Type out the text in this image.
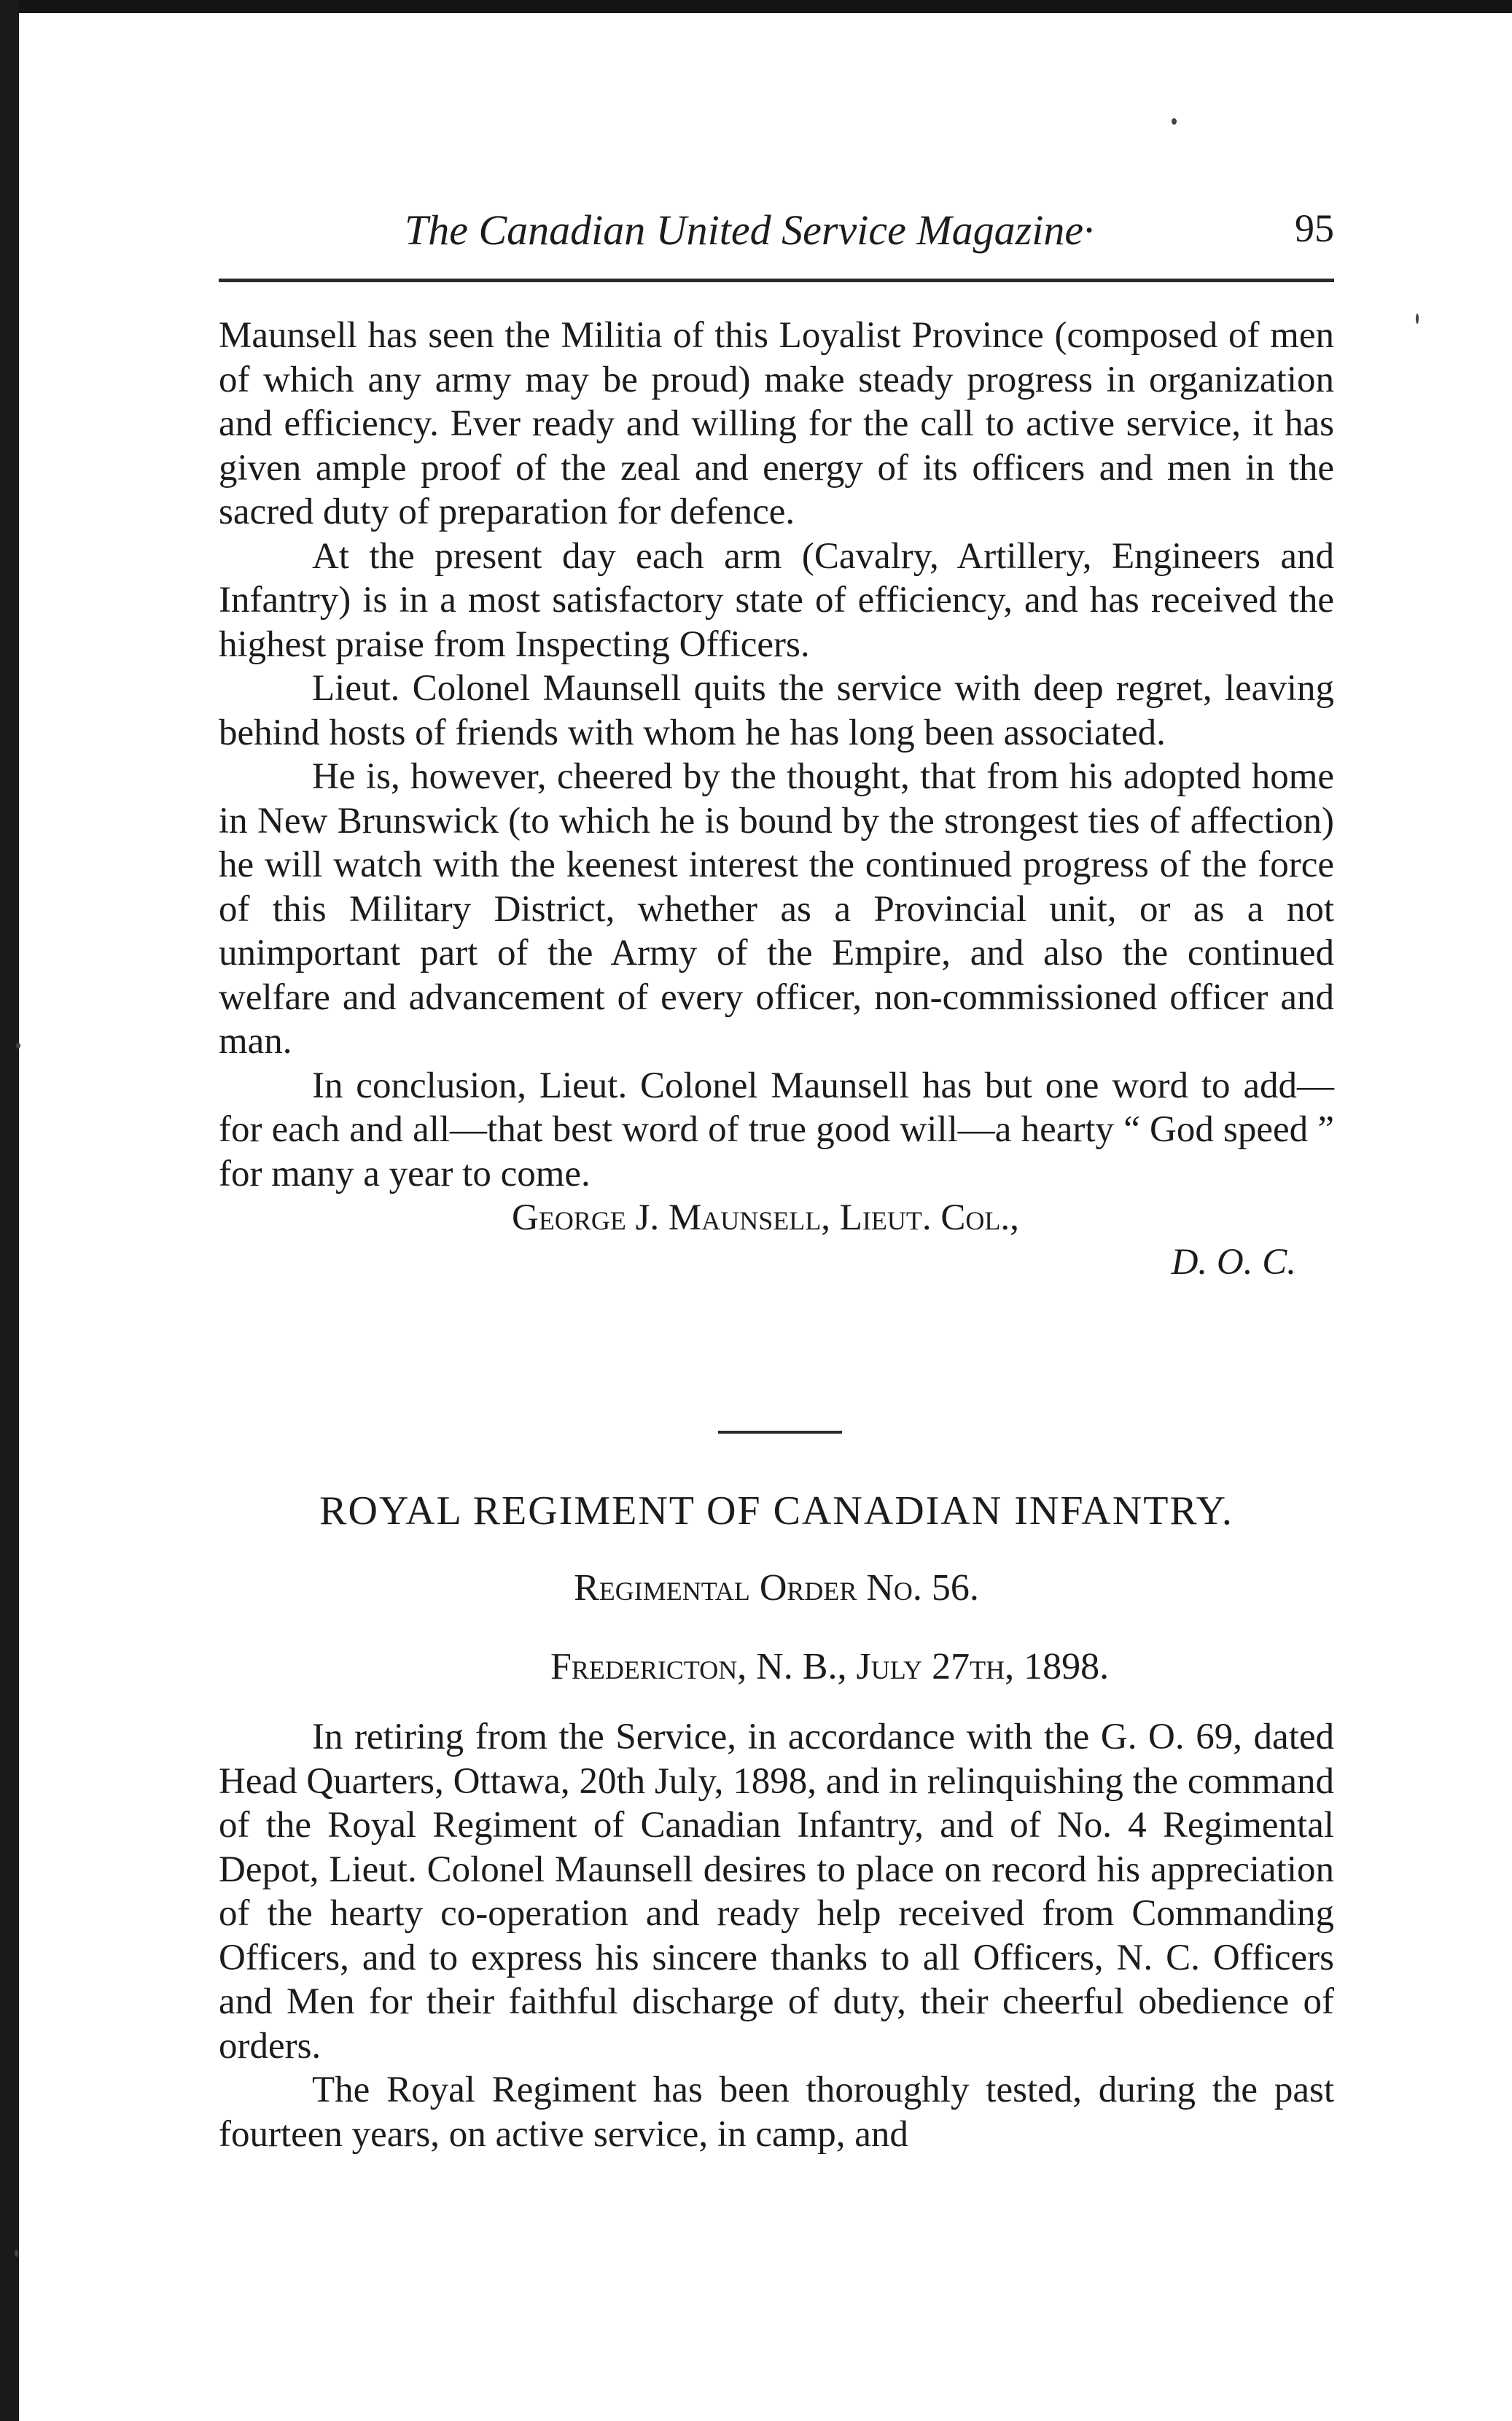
The Canadian United Service Magazine·	95

Maunsell has seen the Militia of this Loyalist Province (composed of men of which any army may be proud) make steady progress in organization and efficiency. Ever ready and willing for the call to active service, it has given ample proof of the zeal and energy of its officers and men in the sacred duty of preparation for defence.

At the present day each arm (Cavalry, Artillery, Engineers and Infantry) is in a most satisfactory state of efficiency, and has received the highest praise from Inspecting Officers.

Lieut. Colonel Maunsell quits the service with deep regret, leaving behind hosts of friends with whom he has long been associated.

He is, however, cheered by the thought, that from his adopted home in New Brunswick (to which he is bound by the strongest ties of affection) he will watch with the keenest interest the continued progress of the force of this Military District, whether as a Provincial unit, or as a not unimportant part of the Army of the Empire, and also the continued welfare and advancement of every officer, non-commissioned officer and man.

In conclusion, Lieut. Colonel Maunsell has but one word to add—for each and all—that best word of true good will—a hearty “ God speed ” for many a year to come.

George J. Maunsell, Lieut. Col.,

D. O. C.

ROYAL REGIMENT OF CANADIAN INFANTRY.
Regimental Order No. 56.
Fredericton, N. B., July 27th, 1898.

In retiring from the Service, in accordance with the G. O. 69, dated Head Quarters, Ottawa, 20th July, 1898, and in relinquishing the command of the Royal Regiment of Canadian Infantry, and of No. 4 Regimental Depot, Lieut. Colonel Maunsell desires to place on record his appreciation of the hearty co-operation and ready help received from Commanding Officers, and to express his sincere thanks to all Officers, N. C. Officers and Men for their faithful discharge of duty, their cheerful obedience of orders.

The Royal Regiment has been thoroughly tested, during the past fourteen years, on active service, in camp, and
